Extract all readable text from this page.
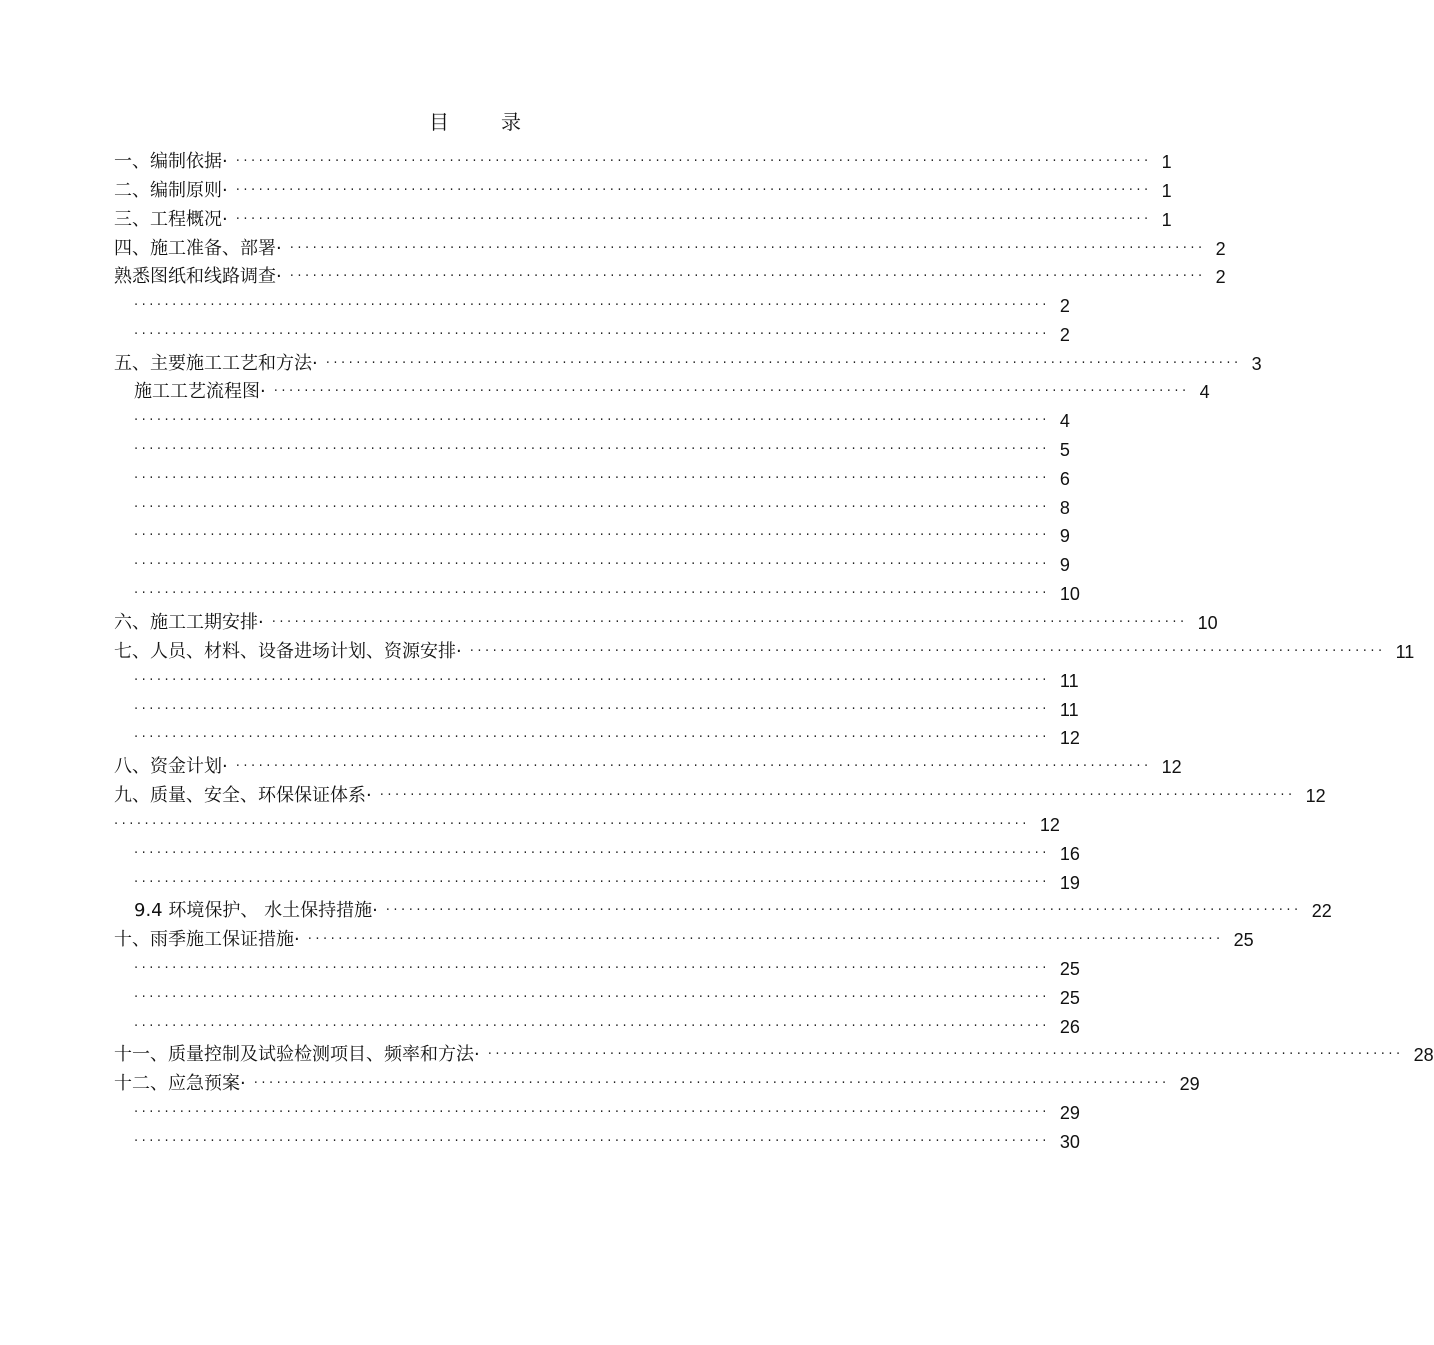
目	录
一、编制依据· ························································································································ 1
二、编制原则· ························································································································ 1
三、工程概况· ························································································································ 1
四、施工准备、部署· ························································································································ 2
熟悉图纸和线路调查· ························································································································ 2
························································································································ 2
························································································································ 2
五、主要施工工艺和方法· ························································································································ 3
施工工艺流程图· ························································································································ 4
························································································································ 4
························································································································ 5
························································································································ 6
························································································································ 8
························································································································ 9
························································································································ 9
························································································································ 10
六、施工工期安排· ························································································································ 10
七、人员、材料、设备进场计划、资源安排· ························································································································ 11
························································································································ 11
························································································································ 11
························································································································ 12
八、资金计划· ························································································································ 12
九、质量、安全、环保保证体系· ························································································································ 12
························································································································ 12
························································································································ 16
························································································································ 19
9.4 环境保护、 水土保持措施· ························································································································ 22
十、雨季施工保证措施· ························································································································ 25
························································································································ 25
························································································································ 25
························································································································ 26
十一、质量控制及试验检测项目、频率和方法· ························································································································ 28
十二、应急预案· ························································································································ 29
························································································································ 29
························································································································ 30
